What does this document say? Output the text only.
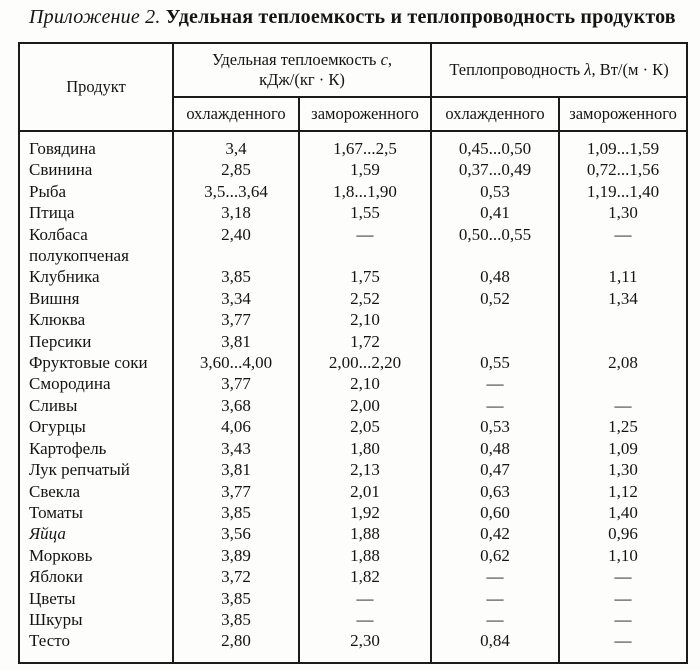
Приложение 2. Удельная теплоемкость и теплопроводность продуктов
Продукт	Удельная теплоемкость с,
кДж/(кг · К)		Теплопроводность λ, Вт/(м · К)	
	охлажденного	замороженного	охлажденного	замороженного
Говядина	3,4	1,67...2,5	0,45...0,50	1,09...1,59
Свинина	2,85	1,59	0,37...0,49	0,72...1,56
Рыба	3,5...3,64	1,8...1,90	0,53	1,19...1,40
Птица	3,18	1,55	0,41	1,30
Колбаса полукопченая	2,40	—	0,50...0,55	—
Клубника	3,85	1,75	0,48	1,11
Вишня	3,34	2,52	0,52	1,34
Клюква	3,77	2,10		
Персики	3,81	1,72		
Фруктовые соки	3,60...4,00	2,00...2,20	0,55	2,08
Смородина	3,77	2,10	—	
Сливы	3,68	2,00	—	—
Огурцы	4,06	2,05	0,53	1,25
Картофель	3,43	1,80	0,48	1,09
Лук репчатый	3,81	2,13	0,47	1,30
Свекла	3,77	2,01	0,63	1,12
Томаты	3,85	1,92	0,60	1,40
Яйца	3,56	1,88	0,42	0,96
Морковь	3,89	1,88	0,62	1,10
Яблоки	3,72	1,82	—	—
Цветы	3,85	—	—	—
Шкуры	3,85	—	—	—
Тесто	2,80	2,30	0,84	—
